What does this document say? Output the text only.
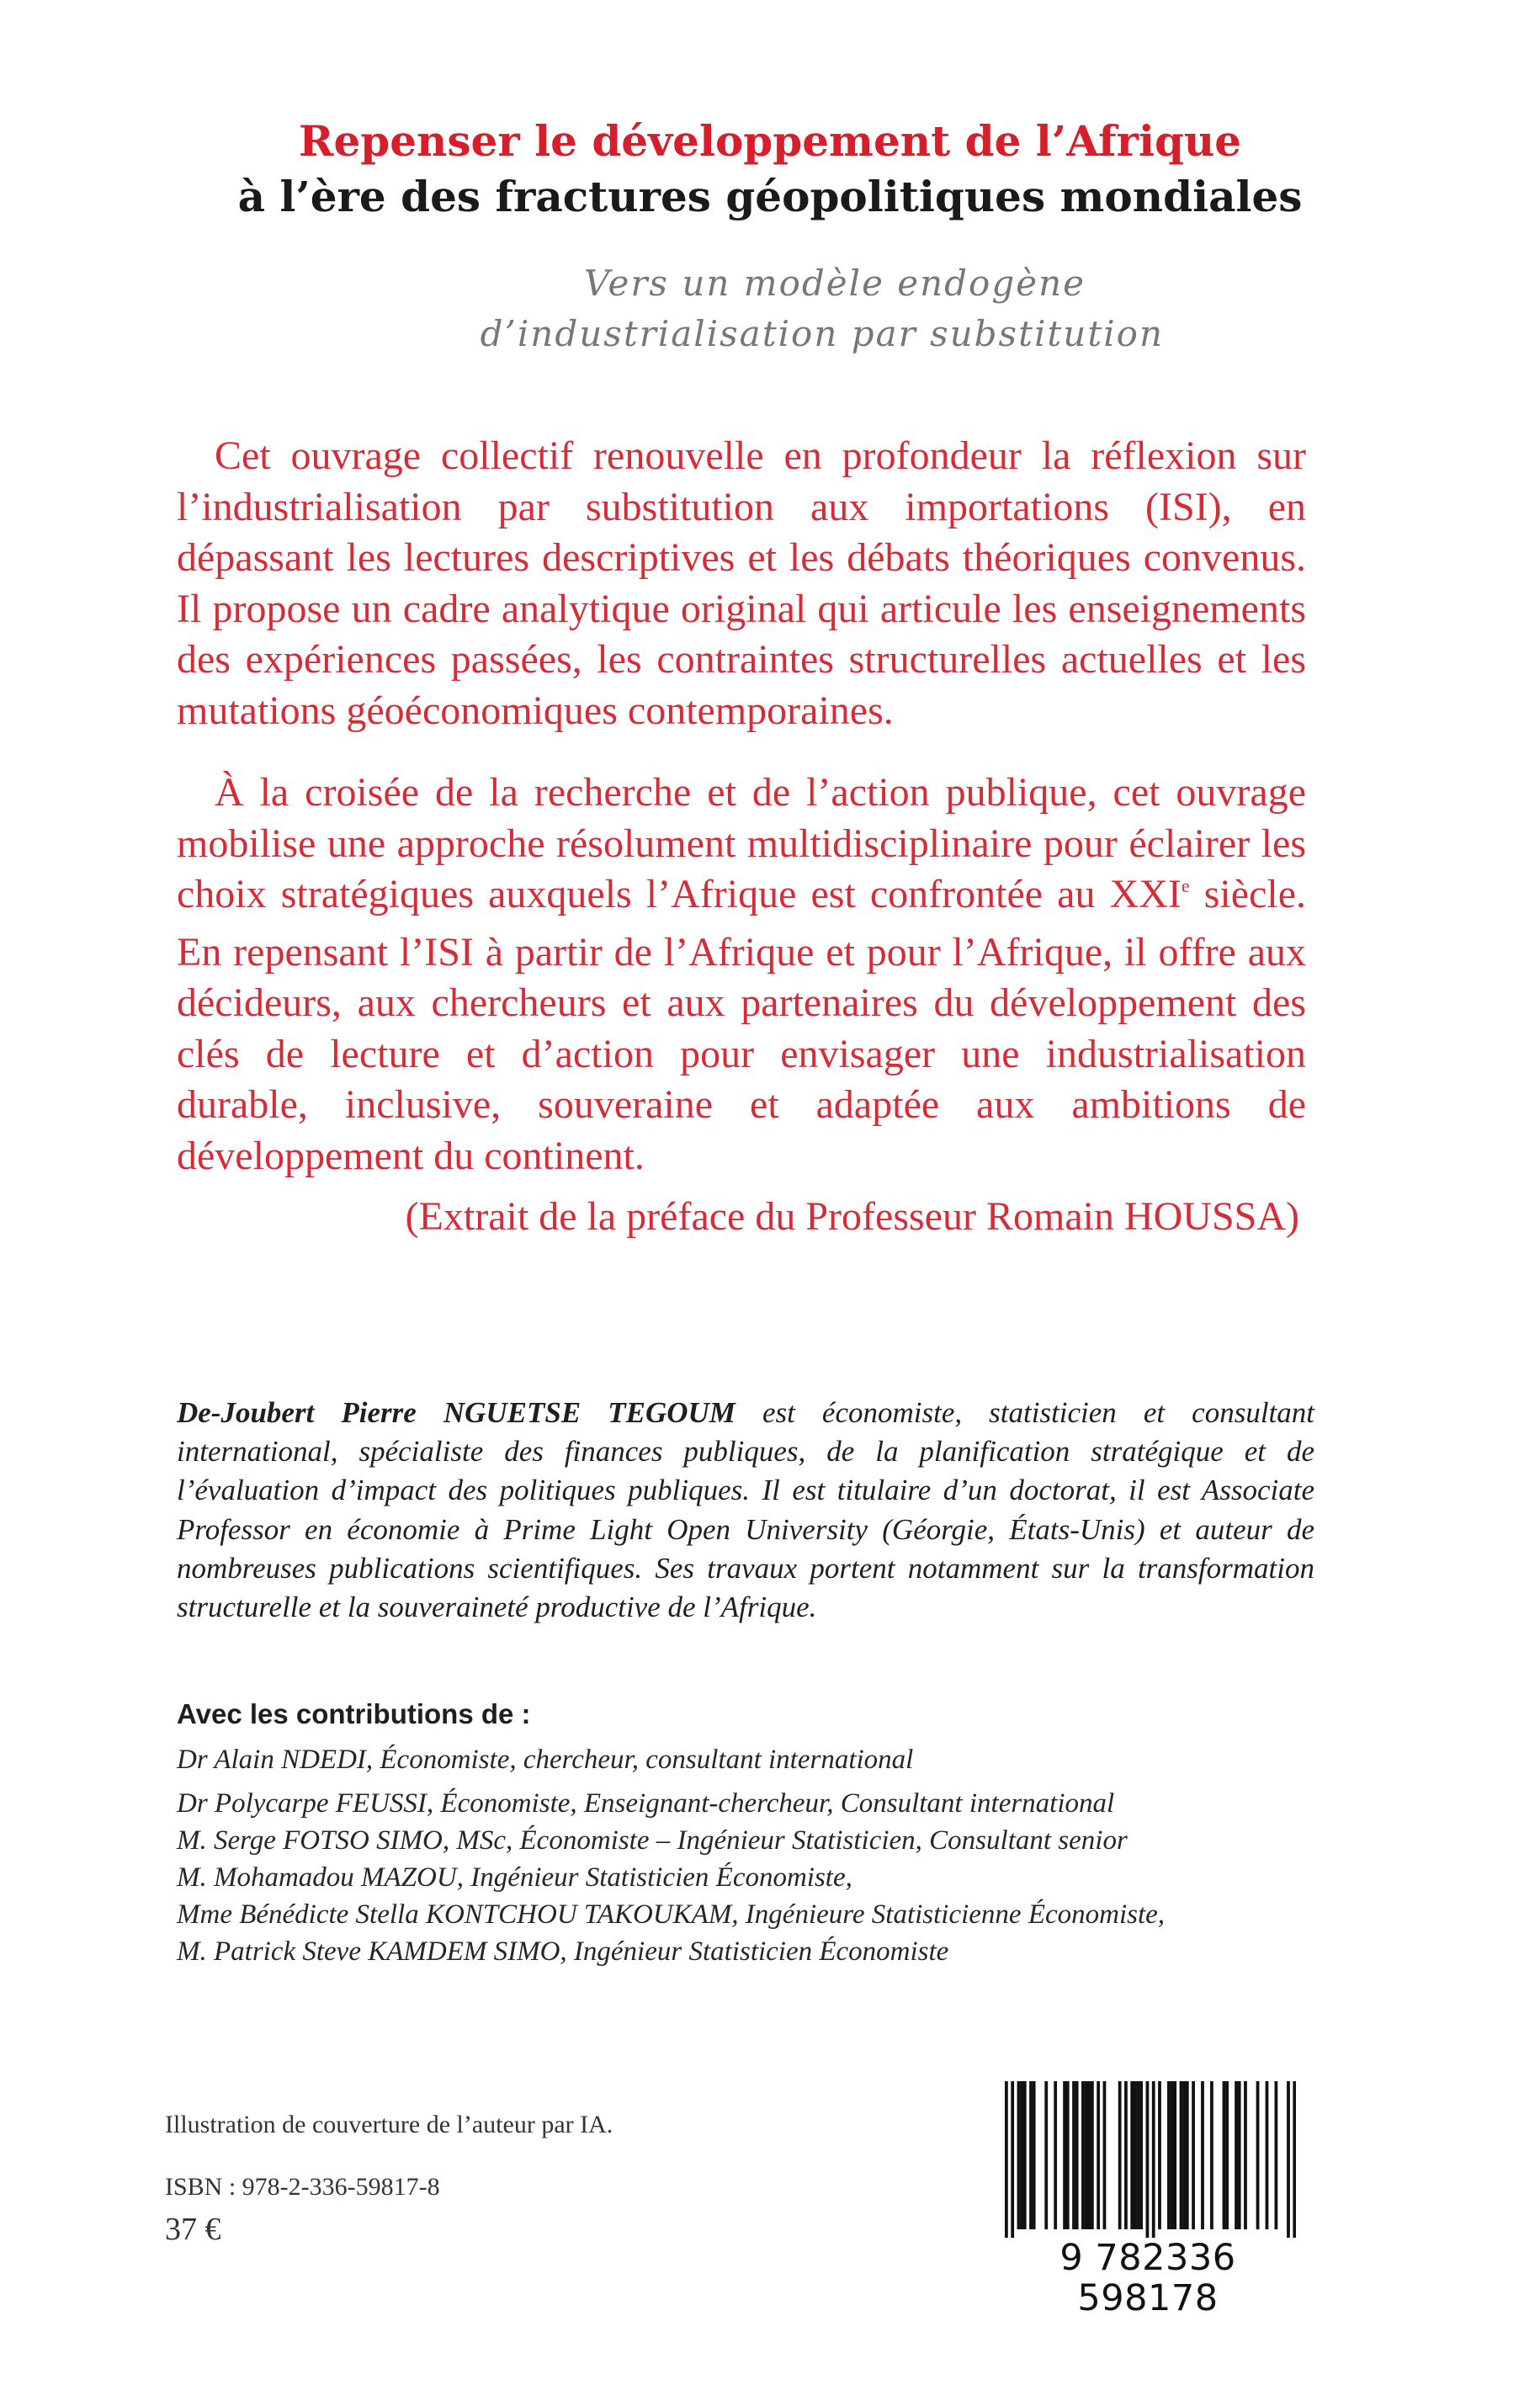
Repenser le développement de l’Afrique
à l’ère des fractures géopolitiques mondiales
Vers un modèle endogène
d’industrialisation par substitution

Cet ouvrage collectif renouvelle en profondeur la réflexion sur l’industrialisation par substitution aux importations (ISI), en dépassant les lectures descriptives et les débats théoriques convenus. Il propose un cadre analytique original qui articule les enseignements des expériences passées, les contraintes structurelles actuelles et les mutations géoéconomiques contemporaines.

À la croisée de la recherche et de l’action publique, cet ouvrage mobilise une approche résolument multidisciplinaire pour éclairer les choix stratégiques auxquels l’Afrique est confrontée au XXIe siècle. En repensant l’ISI à partir de l’Afrique et pour l’Afrique, il offre aux décideurs, aux chercheurs et aux partenaires du développement des clés de lecture et d’action pour envisager une industrialisation durable, inclusive, souveraine et adaptée aux ambitions de développement du continent.

(Extrait de la préface du Professeur Romain HOUSSA)

De-Joubert Pierre NGUETSE TEGOUM est économiste, statisticien et consultant international, spécialiste des finances publiques, de la planification stratégique et de l’évaluation d’impact des politiques publiques. Il est titulaire d’un doctorat, il est Associate Professor en économie à Prime Light Open University (Géorgie, États-Unis) et auteur de nombreuses publications scientifiques. Ses travaux portent notamment sur la transformation structurelle et la souveraineté productive de l’Afrique.

Avec les contributions de :
Dr Alain NDEDI, Économiste, chercheur, consultant international
Dr Polycarpe FEUSSI, Économiste, Enseignant-chercheur, Consultant international
M. Serge FOTSO SIMO, MSc, Économiste – Ingénieur Statisticien, Consultant senior
M. Mohamadou MAZOU, Ingénieur Statisticien Économiste,
Mme Bénédicte Stella KONTCHOU TAKOUKAM, Ingénieure Statisticienne Économiste,
M. Patrick Steve KAMDEM SIMO, Ingénieur Statisticien Économiste
Illustration de couverture de l’auteur par IA.
ISBN : 978-2-336-59817-8
37 €
9 782336 598178
